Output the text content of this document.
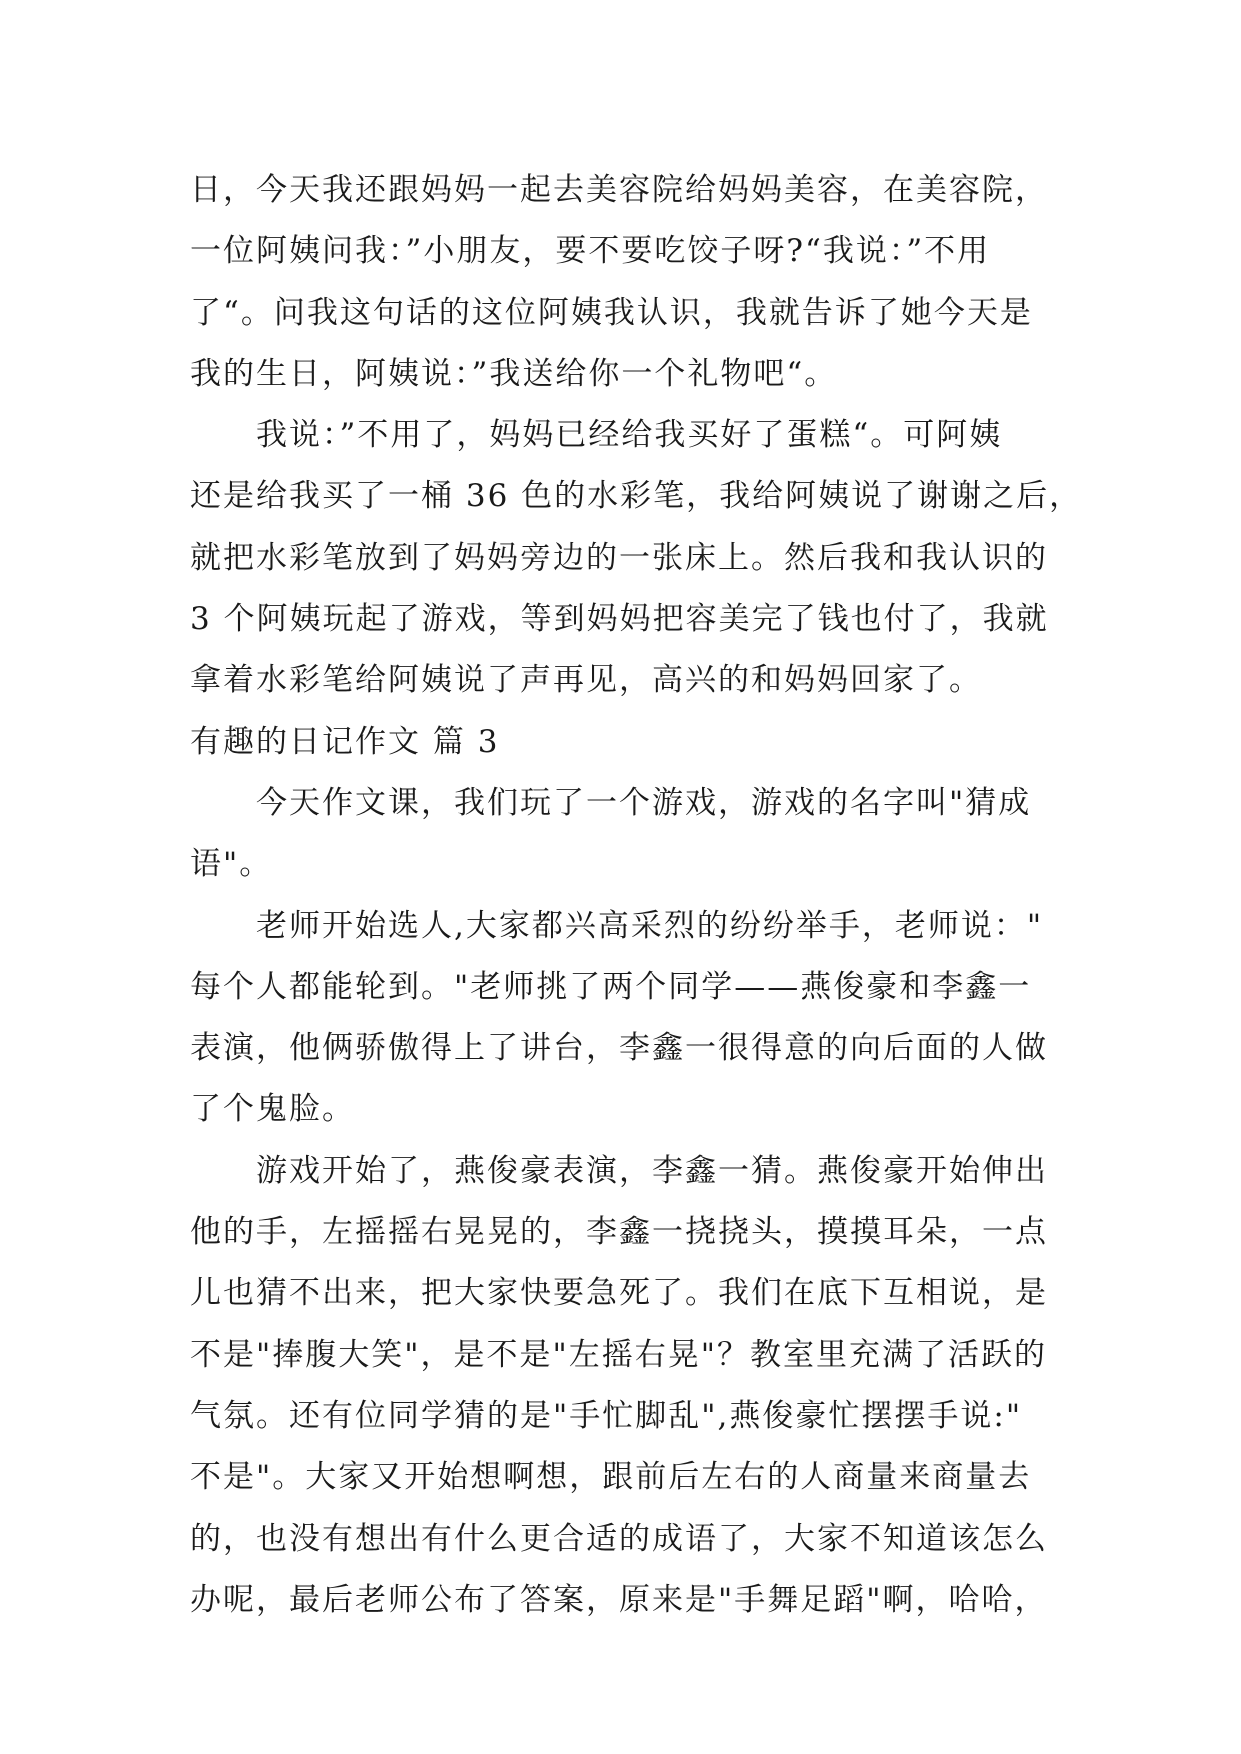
日，今天我还跟妈妈一起去美容院给妈妈美容，在美容院，
一位阿姨问我：”小朋友，要不要吃饺子呀?“我说：”不用
了“。问我这句话的这位阿姨我认识，我就告诉了她今天是
我的生日，阿姨说：”我送给你一个礼物吧“。
我说：”不用了，妈妈已经给我买好了蛋糕“。可阿姨
还是给我买了一桶 36 色的水彩笔，我给阿姨说了谢谢之后，
就把水彩笔放到了妈妈旁边的一张床上。然后我和我认识的
3 个阿姨玩起了游戏，等到妈妈把容美完了钱也付了，我就
拿着水彩笔给阿姨说了声再见，高兴的和妈妈回家了。
有趣的日记作文 篇 3
今天作文课，我们玩了一个游戏，游戏的名字叫"猜成
语"。
老师开始选人,大家都兴高采烈的纷纷举手，老师说："
每个人都能轮到。"老师挑了两个同学——燕俊豪和李鑫一
表演，他俩骄傲得上了讲台，李鑫一很得意的向后面的人做
了个鬼脸。
游戏开始了，燕俊豪表演，李鑫一猜。燕俊豪开始伸出
他的手，左摇摇右晃晃的，李鑫一挠挠头，摸摸耳朵，一点
儿也猜不出来，把大家快要急死了。我们在底下互相说，是
不是"捧腹大笑"，是不是"左摇右晃"？教室里充满了活跃的
气氛。还有位同学猜的是"手忙脚乱",燕俊豪忙摆摆手说:"
不是"。大家又开始想啊想，跟前后左右的人商量来商量去
的，也没有想出有什么更合适的成语了，大家不知道该怎么
办呢，最后老师公布了答案，原来是"手舞足蹈"啊，哈哈，
